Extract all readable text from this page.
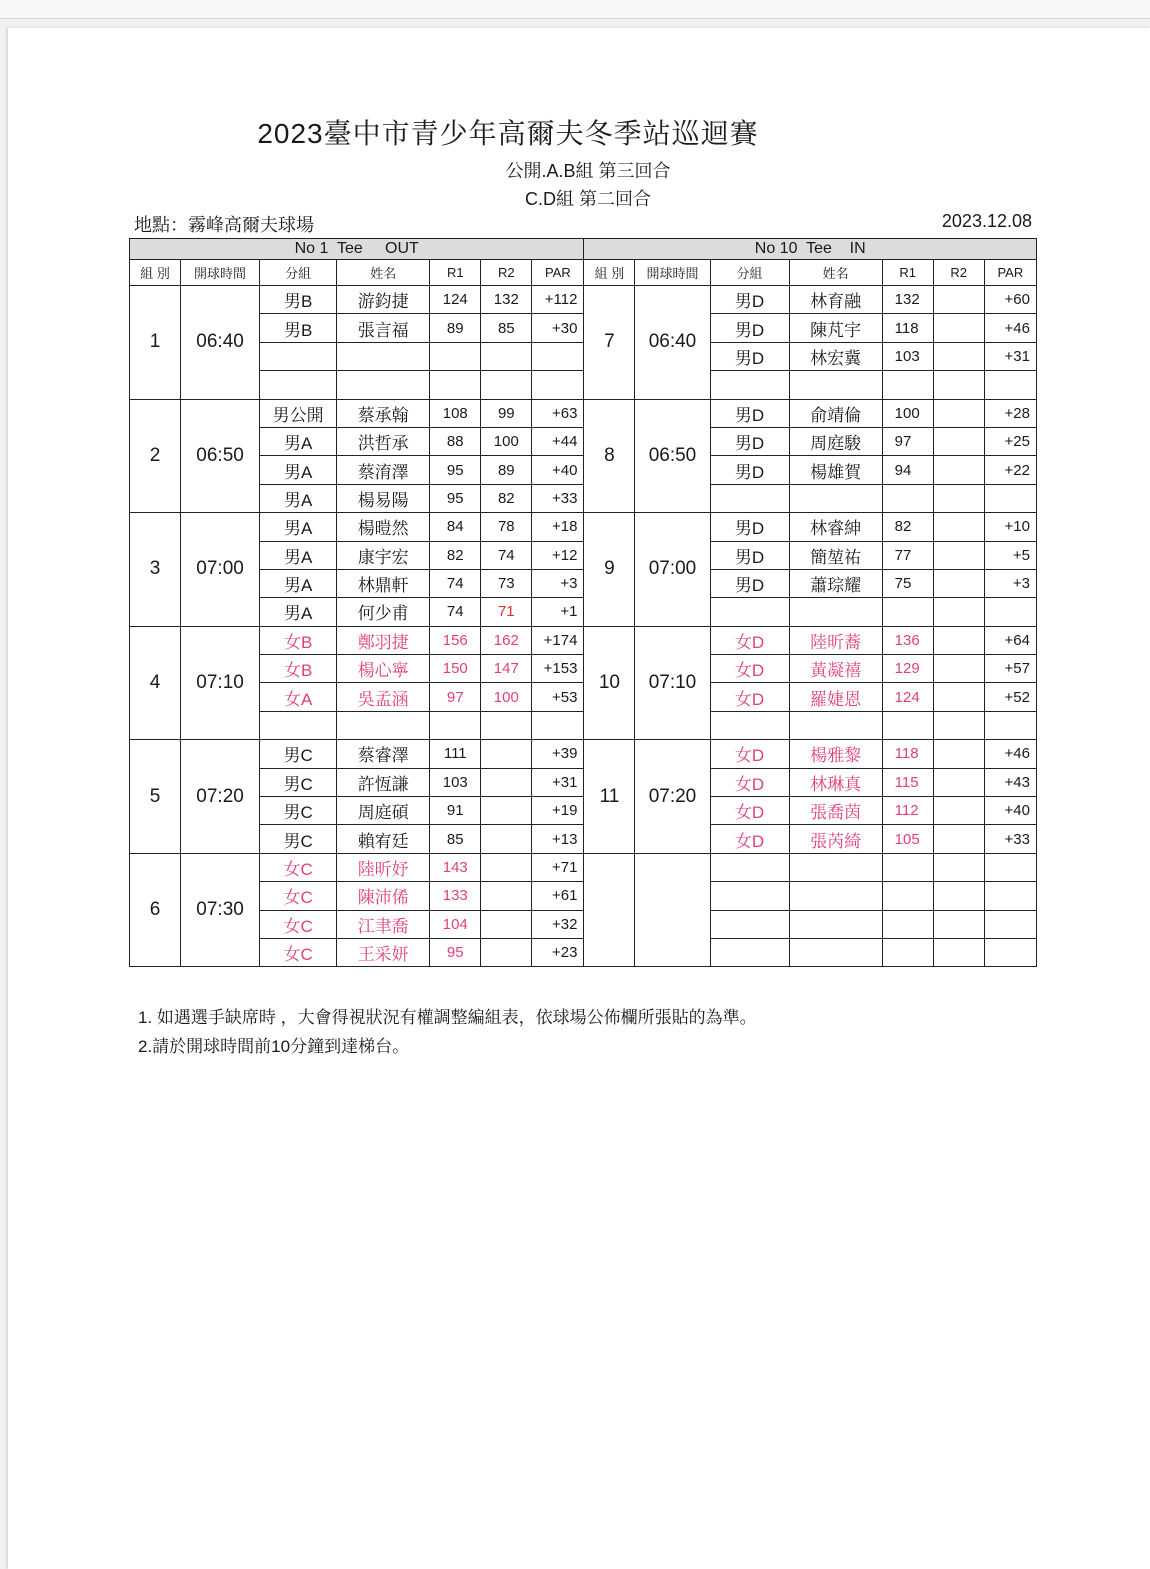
2023臺中市青少年高爾夫冬季站巡迴賽
公開.A.B組 第三回合
C.D組 第二回合
地點：霧峰高爾夫球場	2023.12.08
No 1  Tee     OUT							No 10  Tee    IN						
組 別	開球時間	分組	姓名	R1	R2	PAR	組 別	開球時間	分組	姓名	R1	R2	PAR
1	06:40	男B	游鈞捷	124	132	+112	7	06:40	男D	林育融	132		+60
		男B	張言福	89	85	+30			男D	陳芃宇	118		+46
									男D	林宏冀	103		+31

2	06:50	男公開	蔡承翰	108	99	+63	8	06:50	男D	俞靖倫	100		+28
		男A	洪哲承	88	100	+44			男D	周庭駿	97		+25
		男A	蔡淯澤	95	89	+40			男D	楊雄賀	94		+22
		男A	楊易陽	95	82	+33							
3	07:00	男A	楊暟然	84	78	+18	9	07:00	男D	林睿紳	82		+10
		男A	康宇宏	82	74	+12			男D	簡堃祐	77		+5
		男A	林鼎軒	74	73	+3			男D	蕭琮耀	75		+3
		男A	何少甫	74	71	+1							
4	07:10	女B	鄭羽捷	156	162	+174	10	07:10	女D	陸昕蕎	136		+64
		女B	楊心寧	150	147	+153			女D	黃凝禧	129		+57
		女A	吳孟涵	97	100	+53			女D	羅婕恩	124		+52

5	07:20	男C	蔡睿澤	111		+39	11	07:20	女D	楊雅黎	118		+46
		男C	許恆謙	103		+31			女D	林琳真	115		+43
		男C	周庭碩	91		+19			女D	張喬茵	112		+40
		男C	賴宥廷	85		+13			女D	張芮綺	105		+33
6	07:30	女C	陸昕妤	143		+71							
		女C	陳沛俙	133		+61							
		女C	江聿喬	104		+32							
		女C	王采妍	95		+23							
1. 如遇選手缺席時 ，大會得視狀況有權調整編組表，依球場公佈欄所張貼的為準。
2.請於開球時間前10分鐘到達梯台。
